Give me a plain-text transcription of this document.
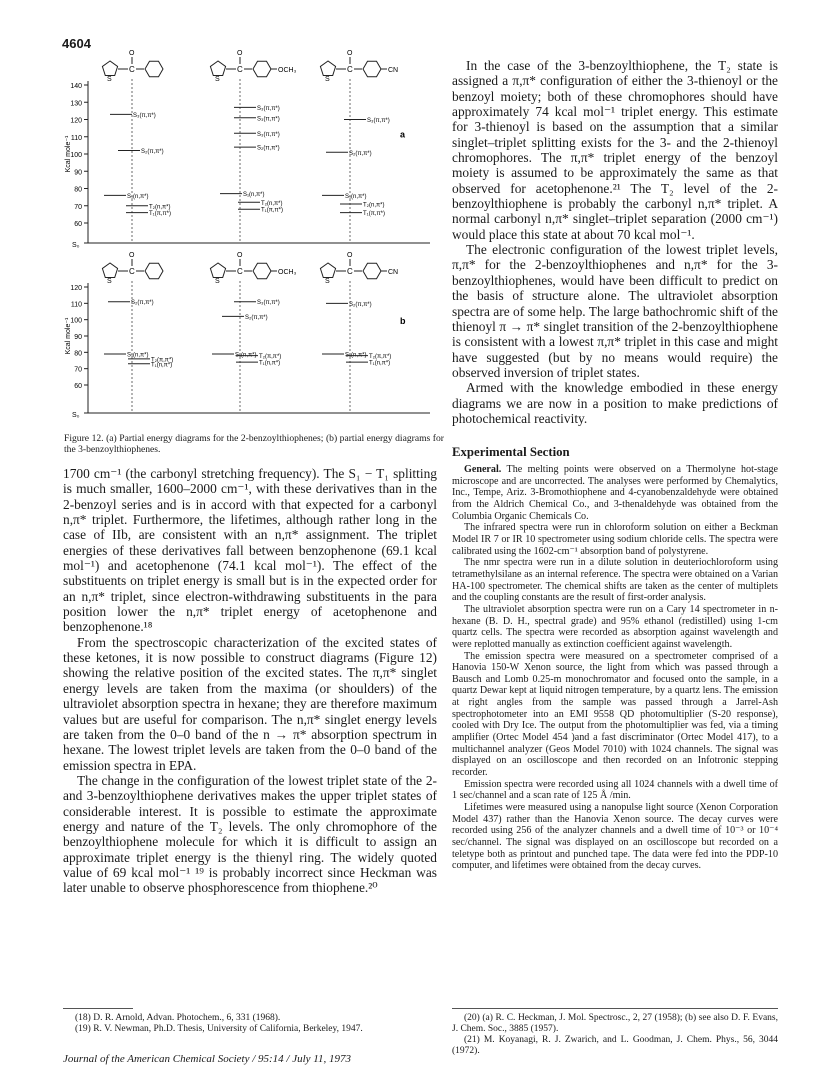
4604
140
130
120
110
100
90
80
70
60
Kcal mole⁻¹
S₀
a
S
C
O
S₃(π,π*)
S₂(π,π*)
S₁(n,π*)
T₂(n,π*)
T₁(π,π*)
S
C
O
OCH₃
S₃(π,π*)
S₃(π,π*)
S₃(π,π*)
S₂(π,π*)
S₁(n,π*)
T₂(n,π*)
T₁(π,π*)
S
C
O
CN
S₃(π,π*)
S₂(π,π*)
S₁(n,π*)
T₂(n,π*)
T₁(π,π*)
120
110
100
90
80
70
60
Kcal mole⁻¹
S₀
b
S
C
O
S₂(π,π*)
S₁(n,π*)
T₂(π,π*)
T₁(n,π*)
S
C
O
OCH₃
S₃(π,π*)
S₂(π,π*)
S₁(n,π*) T₂(π,π*)
T₁(n,π*)
S
C
O
CN
S₂(π,π*)
S₁(n,π*) T₂(π,π*)
T₁(n,π*)
Figure 12. (a) Partial energy diagrams for the 2-benzoylthiophenes; (b) partial energy diagrams for the 3-benzoylthiophenes.

1700 cm⁻¹ (the carbonyl stretching frequency). The S₁ − T₁ splitting is much smaller, 1600–2000 cm⁻¹, with these derivatives than in the 2-benzoyl series and is in accord with that expected for a carbonyl n,π* triplet. Furthermore, the lifetimes, although rather long in the case of IIb, are consistent with an n,π* assignment. The triplet energies of these derivatives fall between benzophenone (69.1 kcal mol⁻¹) and acetophenone (74.1 kcal mol⁻¹). The effect of the substituents on triplet energy is small but is in the expected order for an n,π* triplet, since electron-withdrawing substituents in the para position lower the n,π* triplet energy of acetophenone and benzophenone.¹⁸

From the spectroscopic characterization of the excited states of these ketones, it is now possible to construct diagrams (Figure 12) showing the relative position of the excited states. The π,π* singlet energy levels are taken from the maxima (or shoulders) of the ultraviolet absorption spectra in hexane; they are therefore maximum values but are useful for comparison. The n,π* singlet energy levels are taken from the 0–0 band of the n → π* absorption spectrum in hexane. The lowest triplet levels are taken from the 0–0 band of the emission spectra in EPA.

The change in the configuration of the lowest triplet state of the 2- and 3-benzoylthiophene derivatives makes the upper triplet states of considerable interest. It is possible to estimate the approximate energy and nature of the T₂ levels. The only chromophore of the benzoylthiophene molecule for which it is difficult to assign an approximate triplet energy is the thienyl ring. The widely quoted value of 69 kcal mol⁻¹ ¹⁹ is probably incorrect since Heckman was later unable to observe phosphorescence from thiophene.²⁰

In the case of the 3-benzoylthiophene, the T₂ state is assigned a π,π* configuration of either the 3-thienoyl or the benzoyl moiety; both of these chromophores should have approximately 74 kcal mol⁻¹ triplet energy. This estimate for 3-thienoyl is based on the assumption that a similar singlet–triplet splitting exists for the 3- and the 2-thienoyl chromophores. The π,π* triplet energy of the benzoyl moiety is assumed to be approximately the same as that observed for acetophenone.²¹ The T₂ level of the 2-benzoylthiophene is probably the carbonyl n,π* triplet. A normal carbonyl n,π* singlet–triplet separation (2000 cm⁻¹) would place this state at about 70 kcal mol⁻¹.

The electronic configuration of the lowest triplet levels, π,π* for the 2-benzoylthiophenes and n,π* for the 3-benzoylthiophenes, would have been difficult to predict on the basis of structure alone. The ultraviolet absorption spectra are of some help. The large bathochromic shift of the thienoyl π → π* singlet transition of the 2-benzoylthiophene is consistent with a lowest π,π* triplet in this case and might have suggested (but by no means would require) the observed inversion of triplet states.

Armed with the knowledge embodied in these energy diagrams we are now in a position to make predictions of photochemical reactivity.

Experimental Section

General. The melting points were observed on a Thermolyne hot-stage microscope and are uncorrected. The analyses were performed by Chemalytics, Inc., Tempe, Ariz. 3-Bromothiophene and 4-cyanobenzaldehyde were obtained from the Aldrich Chemical Co., and 3-thenaldehyde was obtained from the Columbia Organic Chemicals Co.

The infrared spectra were run in chloroform solution on either a Beckman Model IR 7 or IR 10 spectrometer using sodium chloride cells. The spectra were calibrated using the 1602-cm⁻¹ absorption band of polystyrene.

The nmr spectra were run in a dilute solution in deuteriochloroform using tetramethylsilane as an internal reference. The spectra were obtained on a Varian HA-100 spectrometer. The chemical shifts are taken as the center of multiplets and the coupling constants are the result of first-order analysis.

The ultraviolet absorption spectra were run on a Cary 14 spectrometer in n-hexane (B. D. H., spectral grade) and 95% ethanol (redistilled) using 1-cm quartz cells. The spectra were recorded as absorption against wavelength and were replotted manually as extinction coefficient against wavelength.

The emission spectra were measured on a spectrometer comprised of a Hanovia 150-W Xenon source, the light from which was passed through a Bausch and Lomb 0.25-m monochromator and focused onto the sample, in a quartz Dewar kept at liquid nitrogen temperature, by a quartz lens. The emission at right angles from the sample was passed through a Jarrel-Ash spectrophotometer into an EMI 9558 QD photomultiplier (S-20 response), cooled with Dry Ice. The output from the photomultiplier was fed, via a timing amplifier (Ortec Model 454 )and a fast discriminator (Ortec Model 417), to a multichannel analyzer (Geos Model 7010) with 1024 channels. The signal was displayed on an oscilloscope and then recorded on an Infotronic stepping recorder.

Emission spectra were recorded using all 1024 channels with a dwell time of 1 sec/channel and a scan rate of 125 Å /min.

Lifetimes were measured using a nanopulse light source (Xenon Corporation Model 437) rather than the Hanovia Xenon source. The decay curves were recorded using 256 of the analyzer channels and a dwell time of 10⁻³ or 10⁻⁴ sec/channel. The signal was displayed on an oscilloscope but recorded on a teletype both as printout and punched tape. The data were fed into the PDP-10 computer, and lifetimes were obtained from the decay curves.

(18) D. R. Arnold, Advan. Photochem., 6, 331 (1968).

(19) R. V. Newman, Ph.D. Thesis, University of California, Berkeley, 1947.

(20) (a) R. C. Heckman, J. Mol. Spectrosc., 2, 27 (1958); (b) see also D. F. Evans, J. Chem. Soc., 3885 (1957).

(21) M. Koyanagi, R. J. Zwarich, and L. Goodman, J. Chem. Phys., 56, 3044 (1972).

Journal of the American Chemical Society / 95:14 / July 11, 1973
